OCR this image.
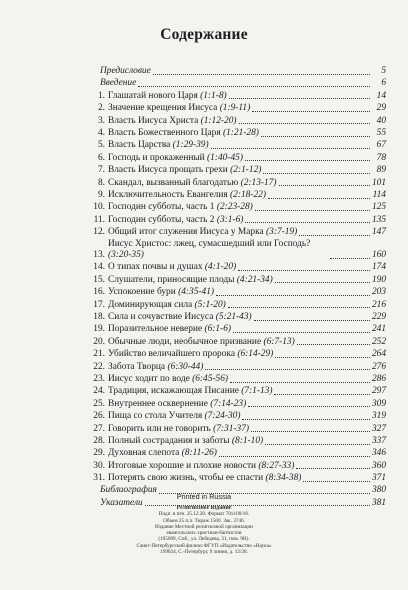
Содержание
Предисловие	5
Введение	6
1. Глашатай нового Царя (1:1-8)	14
2. Значение крещения Иисуса (1:9-11)	29
3. Власть Иисуса Христа (1:12-20)	40
4. Власть Божественного Царя (1:21-28)	55
5. Власть Царства (1:29-39)	67
6. Господь и прокаженный (1:40-45)	78
7. Власть Иисуса прощать грехи (2:1-12)	89
8. Скандал, вызванный благодатью (2:13-17)	101
9. Исключительность Евангелия (2:18-22)	114
10. Господин субботы, часть 1 (2:23-28)	125
11. Господин субботы, часть 2 (3:1-6)	135
12. Общий итог служения Иисуса у Марка (3:7-19)	147
13.
Иисус Христос: лжец, сумасшедший или Господь? (3:20-35)	160
14. О типах почвы и душах (4:1-20)	174
15. Слушатели, приносящие плоды (4:21-34)	190
16. Успокоение бури (4:35-41)	203
17. Доминирующая сила (5:1-20)	216
18. Сила и сочувствие Иисуса (5:21-43)	229
19. Поразительное неверие (6:1-6)	241
20. Обычные люди, необычное призвание (6:7-13)	252
21. Убийство величайшего пророка (6:14-29)	264
22. Забота Творца (6:30-44)	276
23. Иисус ходит по воде (6:45-56)	286
24. Традиция, искажающая Писание (7:1-13)	297
25. Внутреннее осквернение (7:14-23)	309
26. Пища со стола Учителя (7:24-30)	319
27. Говорить или не говорить (7:31-37)	327
28. Полный сострадания и заботы (8:1-10)	337
29. Духовная слепота (8:11-26)	346
30. Итоговые хорошие и плохие новости (8:27-33)	360
31. Потерять свою жизнь, чтобы ее спасти (8:34-38)	371
Библиография	380
Указатели	381
Printed in Russia
Религиозное издание
Подп. в печ. 25.12.20. Формат 70х100/16.
Объем 25 п.л. Тираж 1500. Зак. 3746.
Издание Местной религиозной организации
евангельских христиан-баптистов
(195009, Спб., ул. Лебедева, 31, пом. 9Н).
Санкт-Петербургский филиал ФГУП «Издательство «Наука»
199034, С.-Петербург, 9 линия, д. 12/28.
